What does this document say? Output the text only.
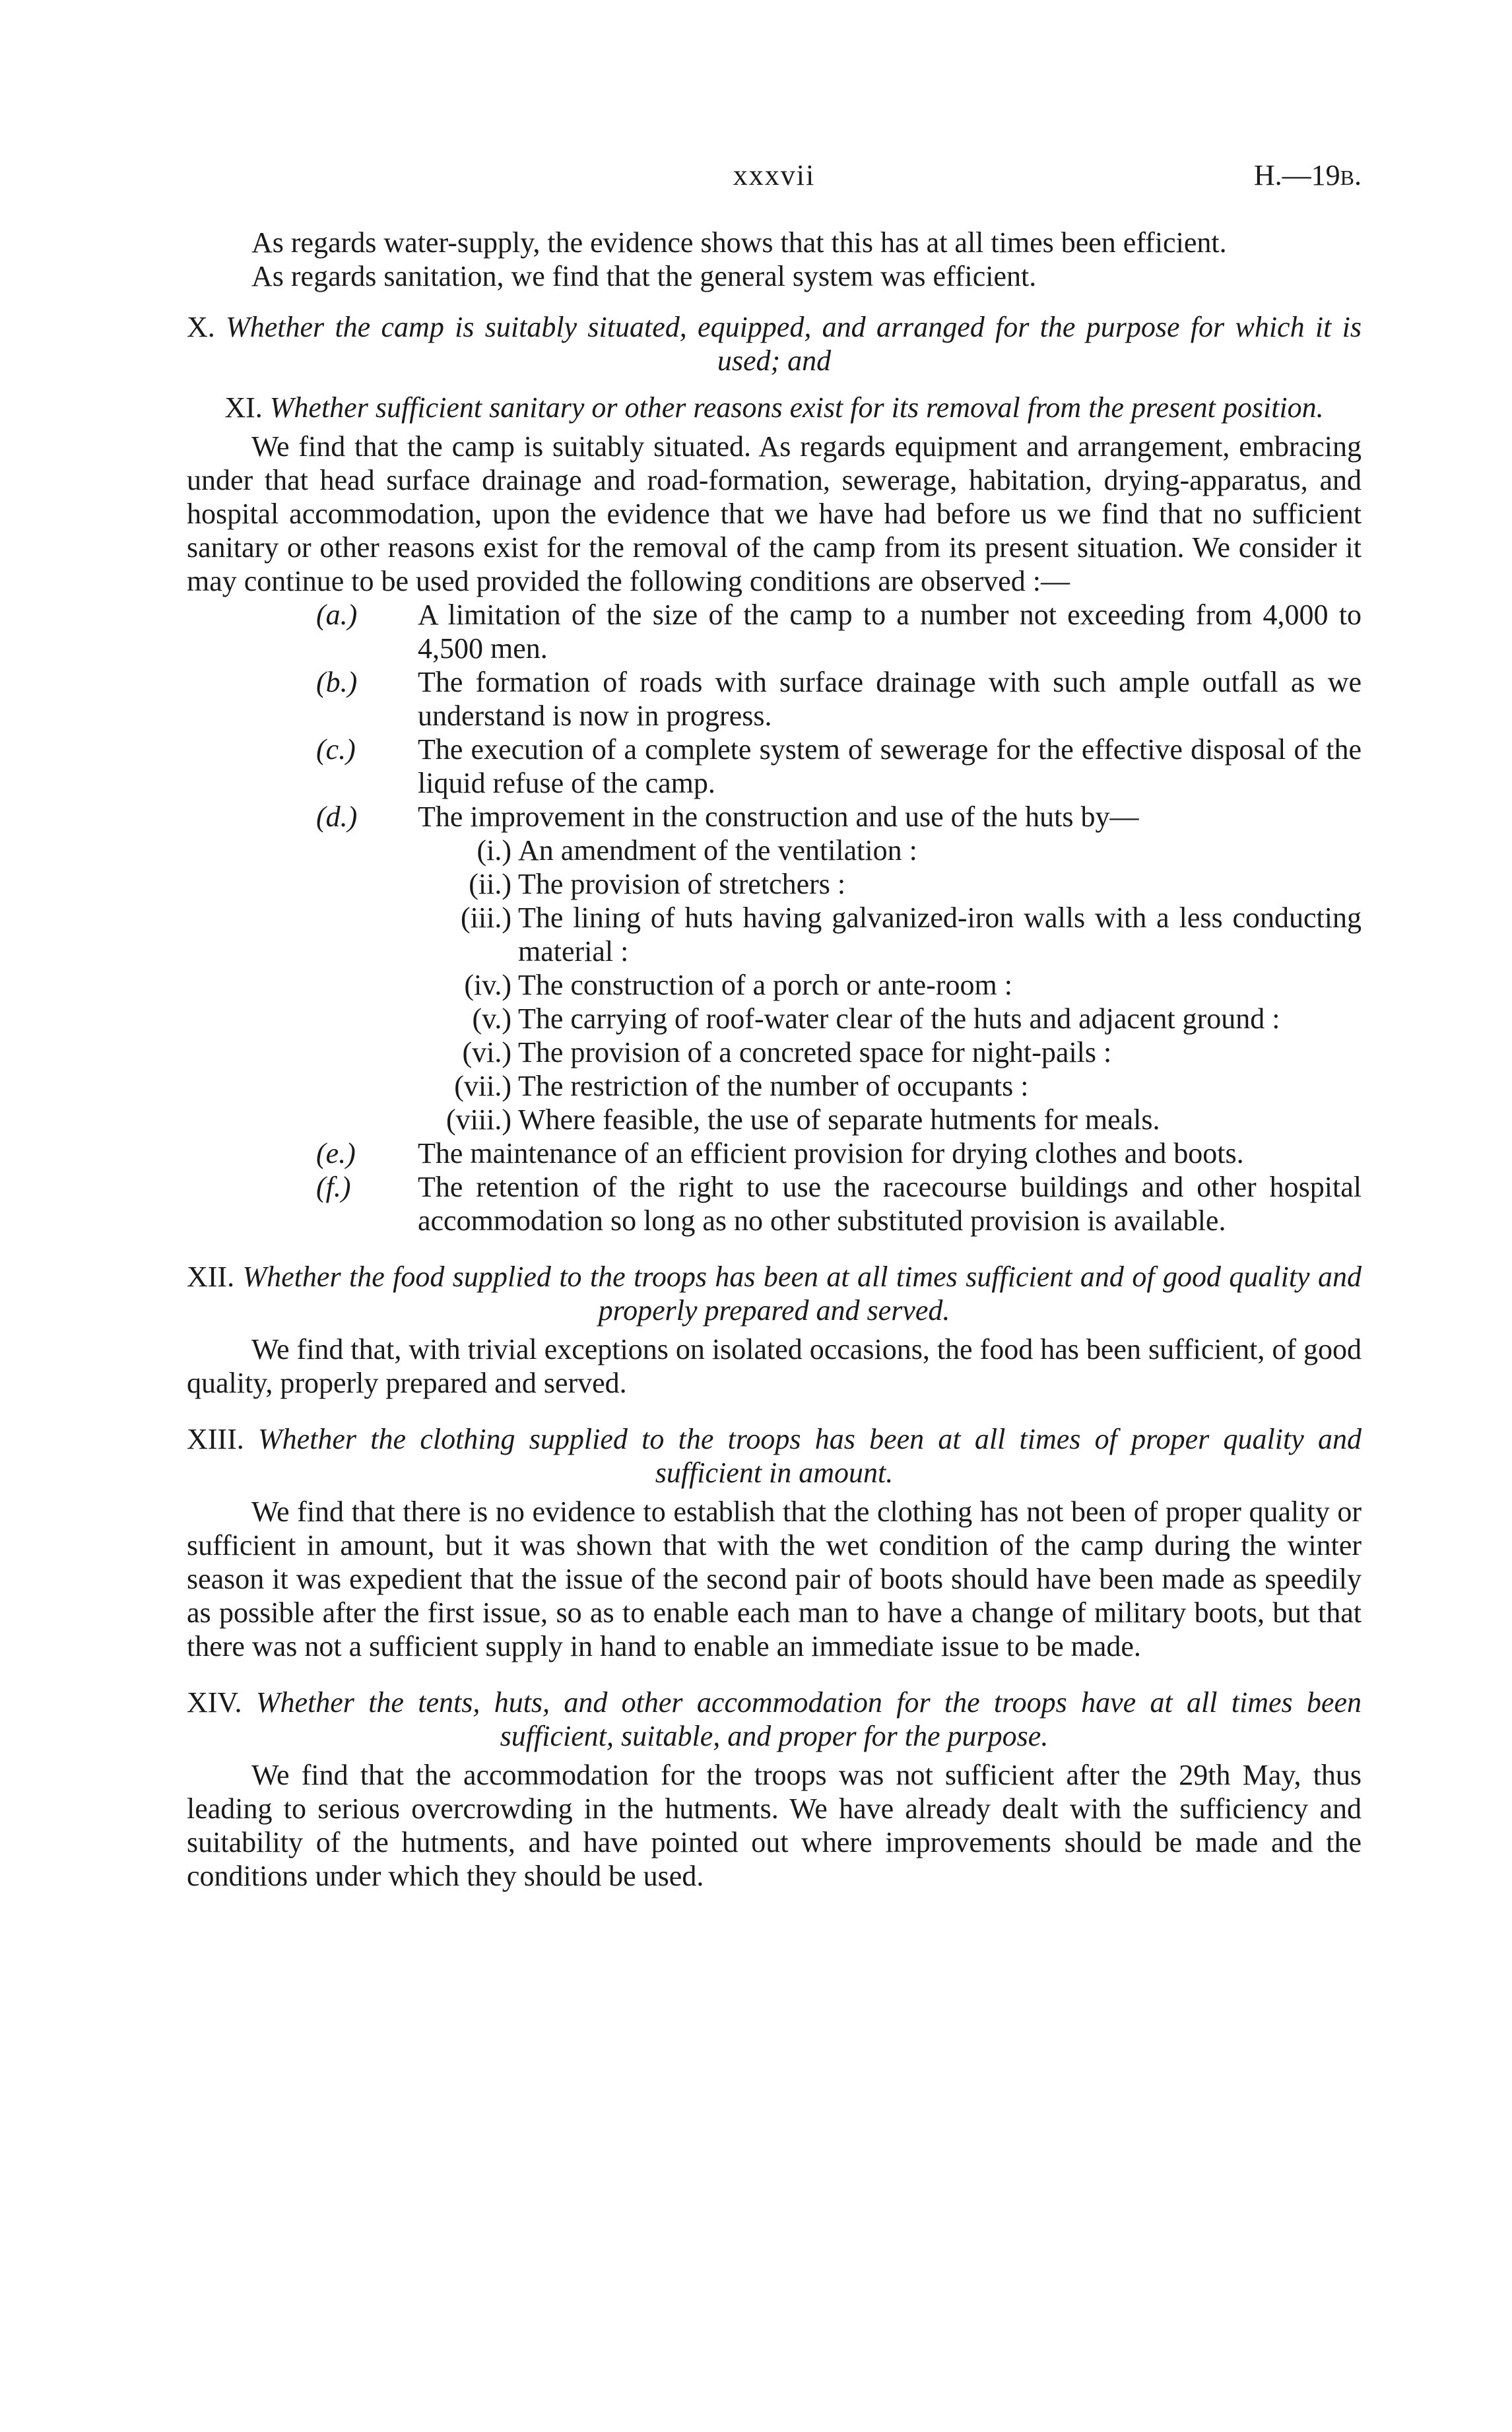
xxxvii	H.—19B.

As regards water-supply, the evidence shows that this has at all times been efficient.

As regards sanitation, we find that the general system was efficient.

X. Whether the camp is suitably situated, equipped, and arranged for the purpose for which it is used; and
XI. Whether sufficient sanitary or other reasons exist for its removal from the present position.

We find that the camp is suitably situated. As regards equipment and arrangement, embracing under that head surface drainage and road-formation, sewerage, habitation, drying-apparatus, and hospital accommodation, upon the evidence that we have had before us we find that no sufficient sanitary or other reasons exist for the removal of the camp from its present situation. We consider it may continue to be used provided the following conditions are observed :—

(a.)	A limitation of the size of the camp to a number not exceeding from 4,000 to 4,500 men.
(b.)	The formation of roads with surface drainage with such ample outfall as we understand is now in progress.
(c.)	The execution of a complete system of sewerage for the effective disposal of the liquid refuse of the camp.
(d.)	The improvement in the construction and use of the huts by—
(i.) An amendment of the ventilation :
(ii.) The provision of stretchers :
(iii.) The lining of huts having galvanized-iron walls with a less conducting material :
(iv.) The construction of a porch or ante-room :
(v.) The carrying of roof-water clear of the huts and adjacent ground :
(vi.) The provision of a concreted space for night-pails :
(vii.) The restriction of the number of occupants :
(viii.) Where feasible, the use of separate hutments for meals.
(e.)	The maintenance of an efficient provision for drying clothes and boots.
(f.)	The retention of the right to use the racecourse buildings and other hospital accommodation so long as no other substituted provision is available.
XII. Whether the food supplied to the troops has been at all times sufficient and of good quality and properly prepared and served.

We find that, with trivial exceptions on isolated occasions, the food has been sufficient, of good quality, properly prepared and served.

XIII. Whether the clothing supplied to the troops has been at all times of proper quality and sufficient in amount.

We find that there is no evidence to establish that the clothing has not been of proper quality or sufficient in amount, but it was shown that with the wet condition of the camp during the winter season it was expedient that the issue of the second pair of boots should have been made as speedily as possible after the first issue, so as to enable each man to have a change of military boots, but that there was not a sufficient supply in hand to enable an immediate issue to be made.

XIV. Whether the tents, huts, and other accommodation for the troops have at all times been sufficient, suitable, and proper for the purpose.

We find that the accommodation for the troops was not sufficient after the 29th May, thus leading to serious overcrowding in the hutments. We have already dealt with the sufficiency and suitability of the hutments, and have pointed out where improvements should be made and the conditions under which they should be used.
